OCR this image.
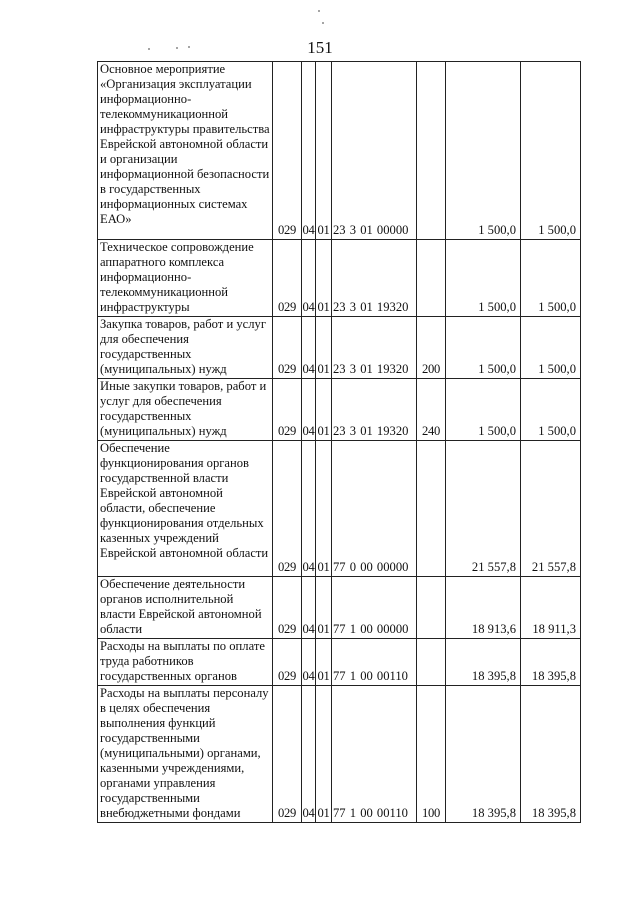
151
Основное мероприятие «Организация эксплуатации информационно-телекоммуникационной инфраструктуры правительства Еврейской автономной области и организации информационной безопасности в государственных информационных системах ЕАО»	029	04	01	23 3 01 00000		1 500,0	1 500,0
Техническое сопровождение аппаратного комплекса информационно-телекоммуникационной инфраструктуры	029	04	01	23 3 01 19320		1 500,0	1 500,0
Закупка товаров, работ и услуг для обеспечения государственных (муниципальных) нужд	029	04	01	23 3 01 19320	200	1 500,0	1 500,0
Иные закупки товаров, работ и услуг для обеспечения государственных (муниципальных) нужд	029	04	01	23 3 01 19320	240	1 500,0	1 500,0
Обеспечение функционирования органов государственной власти Еврейской автономной области, обеспечение функционирования отдельных казенных учреждений Еврейской автономной области	029	04	01	77 0 00 00000		21 557,8	21 557,8
Обеспечение деятельности органов исполнительной власти Еврейской автономной области	029	04	01	77 1 00 00000		18 913,6	18 911,3
Расходы на выплаты по оплате труда работников государственных органов	029	04	01	77 1 00 00110		18 395,8	18 395,8
Расходы на выплаты персоналу в целях обеспечения выполнения функций государственными (муниципальными) органами, казенными учреждениями, органами управления государственными внебюджетными фондами	029	04	01	77 1 00 00110	100	18 395,8	18 395,8
